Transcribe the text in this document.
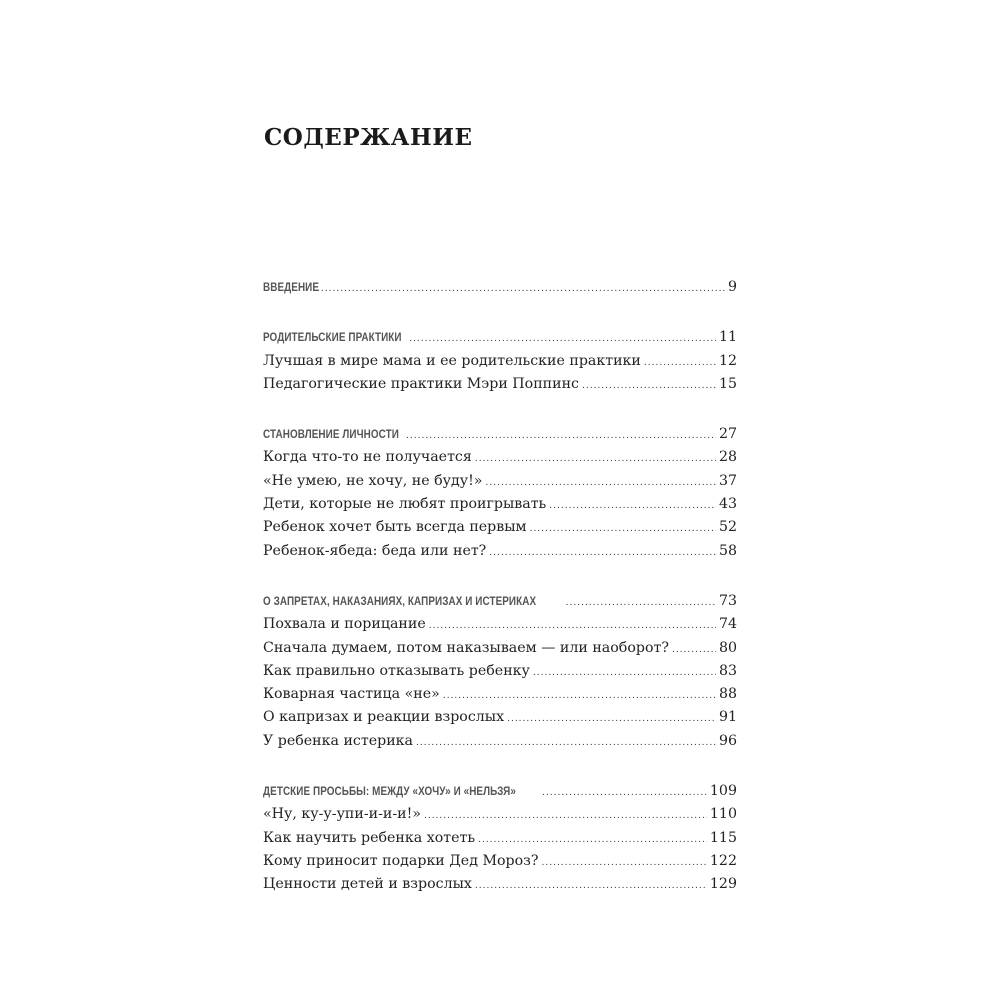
СОДЕРЖАНИЕ
ВВЕДЕНИЕ .....	9
РОДИТЕЛЬСКИЕ ПРАКТИКИ .....	11
Лучшая в мире мама и ее родительские практики .....	12
Педагогические практики Мэри Поппинс .....	15
СТАНОВЛЕНИЕ ЛИЧНОСТИ .....	27
Когда что-то не получается .....	28
«Не умею, не хочу, не буду!» .....	37
Дети, которые не любят проигрывать .....	43
Ребенок хочет быть всегда первым .....	52
Ребенок-ябеда: беда или нет? .....	58
О ЗАПРЕТАХ, НАКАЗАНИЯХ, КАПРИЗАХ И ИСТЕРИКАХ .....	73
Похвала и порицание .....	74
Сначала думаем, потом наказываем — или наоборот? .....	80
Как правильно отказывать ребенку .....	83
Коварная частица «не» .....	88
О капризах и реакции взрослых .....	91
У ребенка истерика .....	96
ДЕТСКИЕ ПРОСЬБЫ: МЕЖДУ «ХОЧУ» И «НЕЛЬЗЯ» .....	109
«Ну, ку-у-упи-и-и-и!» .....	110
Как научить ребенка хотеть .....	115
Кому приносит подарки Дед Мороз? .....	122
Ценности детей и взрослых .....	129
